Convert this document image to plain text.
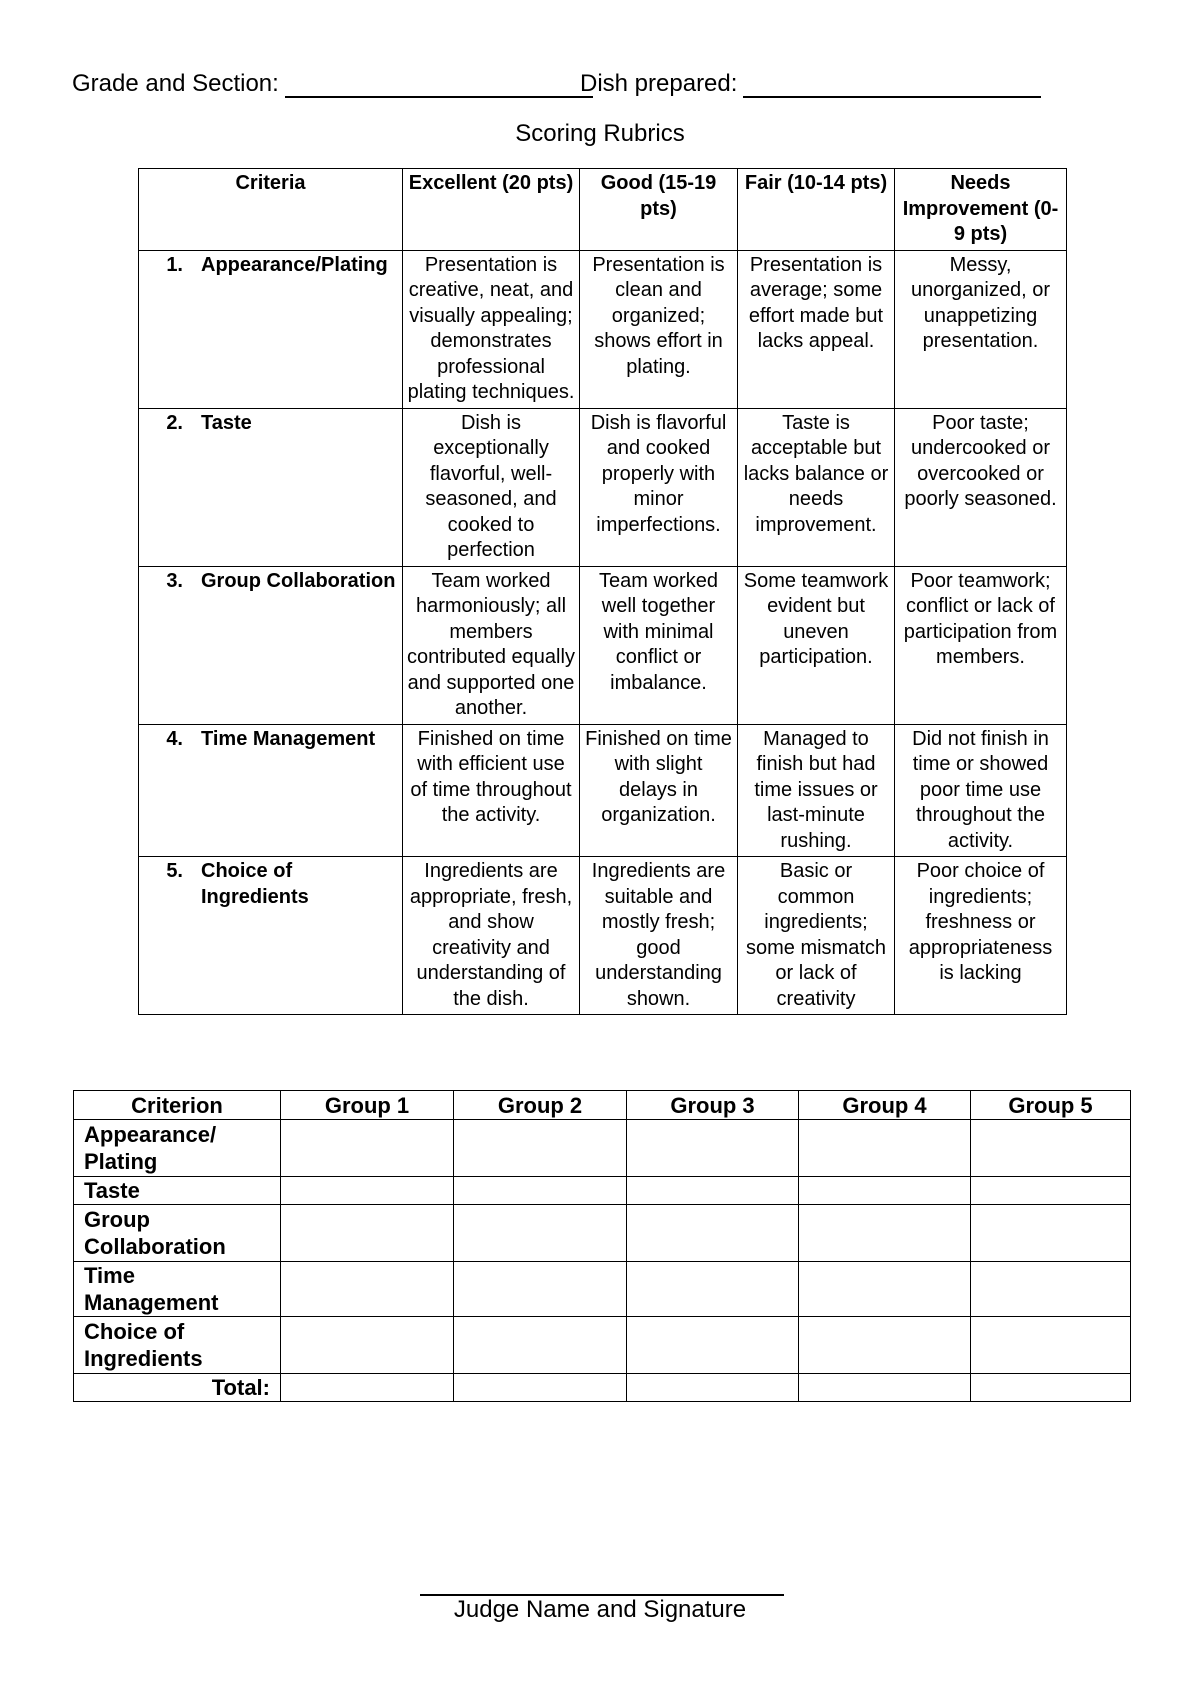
Grade and Section:	Dish prepared:
Scoring Rubrics
Criteria	Excellent (20 pts)	Good (15-19 pts)	Fair (10-14 pts)	Needs Improvement (0-9 pts)

1. Appearance/Plating	Presentation is creative, neat, and visually appealing; demonstrates professional plating techniques.	Presentation is clean and organized; shows effort in plating.	Presentation is average; some effort made but lacks appeal.	Messy, unorganized, or unappetizing presentation.

2. Taste	Dish is exceptionally flavorful, well-seasoned, and cooked to perfection	Dish is flavorful and cooked properly with minor imperfections.	Taste is acceptable but lacks balance or needs improvement.	Poor taste; undercooked or overcooked or poorly seasoned.

3. Group Collaboration	Team worked harmoniously; all members contributed equally and supported one another.	Team worked well together with minimal conflict or imbalance.	Some teamwork evident but uneven participation.	Poor teamwork; conflict or lack of participation from members.

4. Time Management	Finished on time with efficient use of time throughout the activity.	Finished on time with slight delays in organization.	Managed to finish but had time issues or last-minute rushing.	Did not finish in time or showed poor time use throughout the activity.

5. Choice of Ingredients	Ingredients are appropriate, fresh, and show creativity and understanding of the dish.	Ingredients are suitable and mostly fresh; good understanding shown.	Basic or common ingredients; some mismatch or lack of creativity	Poor choice of ingredients; freshness or appropriateness is lacking
Criterion	Group 1	Group 2	Group 3	Group 4	Group 5
Appearance/ Plating					
Taste					
Group Collaboration					
Time Management					
Choice of Ingredients					
Total:					
Judge Name and Signature
